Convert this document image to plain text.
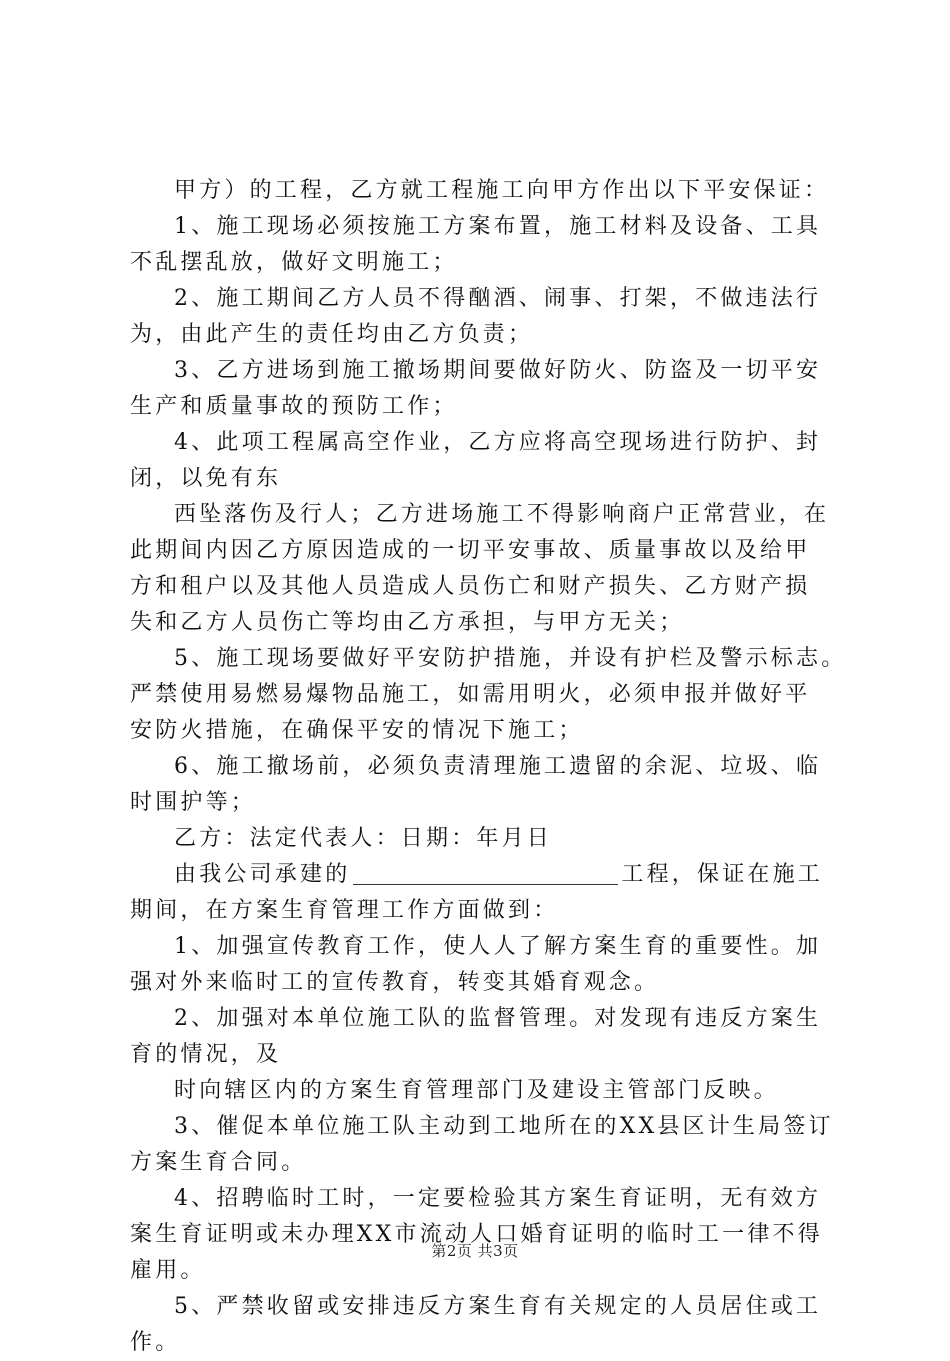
甲方）的工程，乙方就工程施工向甲方作出以下平安保证：
1、施工现场必须按施工方案布置，施工材料及设备、工具
不乱摆乱放，做好文明施工；
2、施工期间乙方人员不得酗酒、闹事、打架，不做违法行
为，由此产生的责任均由乙方负责；
3、乙方进场到施工撤场期间要做好防火、防盗及一切平安
生产和质量事故的预防工作；
4、此项工程属高空作业，乙方应将高空现场进行防护、封
闭，以免有东
西坠落伤及行人；乙方进场施工不得影响商户正常营业，在
此期间内因乙方原因造成的一切平安事故、质量事故以及给甲
方和租户以及其他人员造成人员伤亡和财产损失、乙方财产损
失和乙方人员伤亡等均由乙方承担，与甲方无关；
5、施工现场要做好平安防护措施，并设有护栏及警示标志。
严禁使用易燃易爆物品施工，如需用明火，必须申报并做好平
安防火措施，在确保平安的情况下施工；
6、施工撤场前，必须负责清理施工遗留的余泥、垃圾、临
时围护等；
乙方：法定代表人：日期：年月日
由我公司承建的	工程，保证在施工
期间，在方案生育管理工作方面做到：
1、加强宣传教育工作，使人人了解方案生育的重要性。加
强对外来临时工的宣传教育，转变其婚育观念。
2、加强对本单位施工队的监督管理。对发现有违反方案生
育的情况，及
时向辖区内的方案生育管理部门及建设主管部门反映。
3、催促本单位施工队主动到工地所在的XX县区计生局签订
方案生育合同。
4、招聘临时工时，一定要检验其方案生育证明，无有效方
案生育证明或未办理XX市流动人口婚育证明的临时工一律不得
雇用。
5、严禁收留或安排违反方案生育有关规定的人员居住或工
作。
第2页 共3页
